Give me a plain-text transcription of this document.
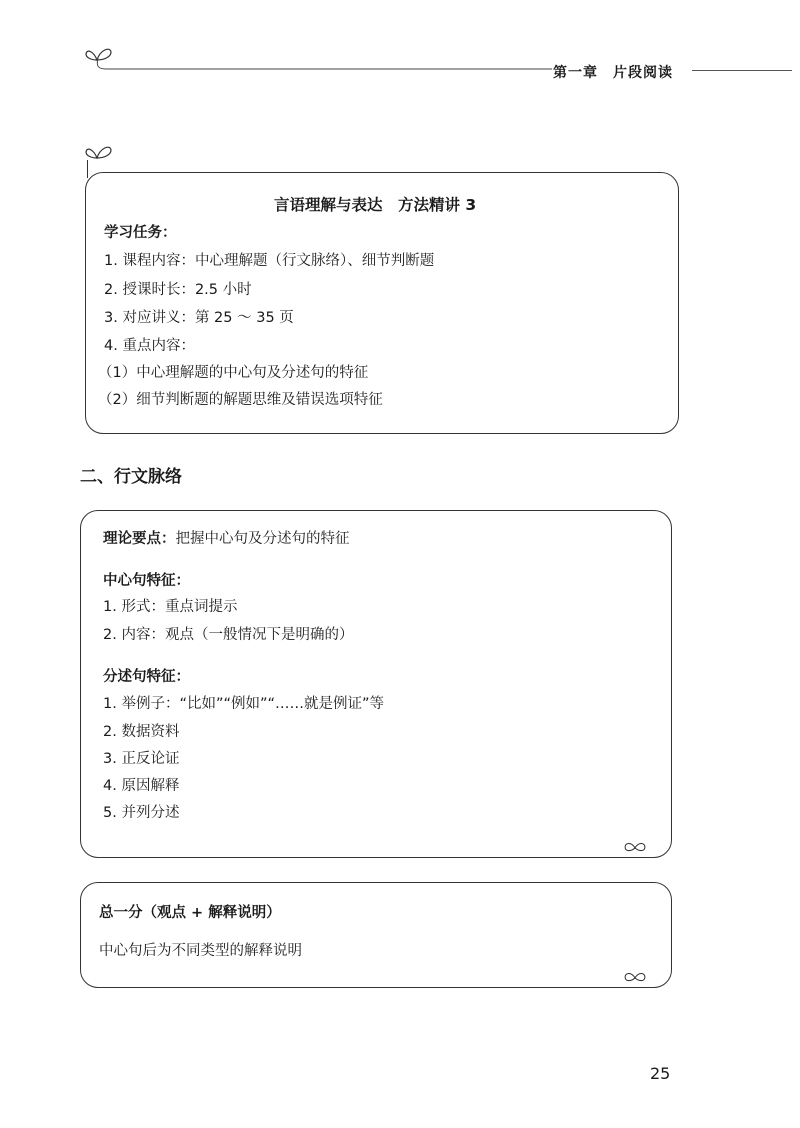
第一章　片段阅读
言语理解与表达　方法精讲 3
学习任务：
1. 课程内容：中心理解题（行文脉络）、细节判断题
2. 授课时长：2.5 小时
3. 对应讲义：第 25 ～ 35 页
4. 重点内容：
（1）中心理解题的中心句及分述句的特征
（2）细节判断题的解题思维及错误选项特征
二、行文脉络
理论要点：把握中心句及分述句的特征
中心句特征：
1. 形式：重点词提示
2. 内容：观点（一般情况下是明确的）
分述句特征：
1. 举例子：“比如”“例如”“……就是例证”等
2. 数据资料
3. 正反论证
4. 原因解释
5. 并列分述
总一分（观点 + 解释说明）
中心句后为不同类型的解释说明
25
